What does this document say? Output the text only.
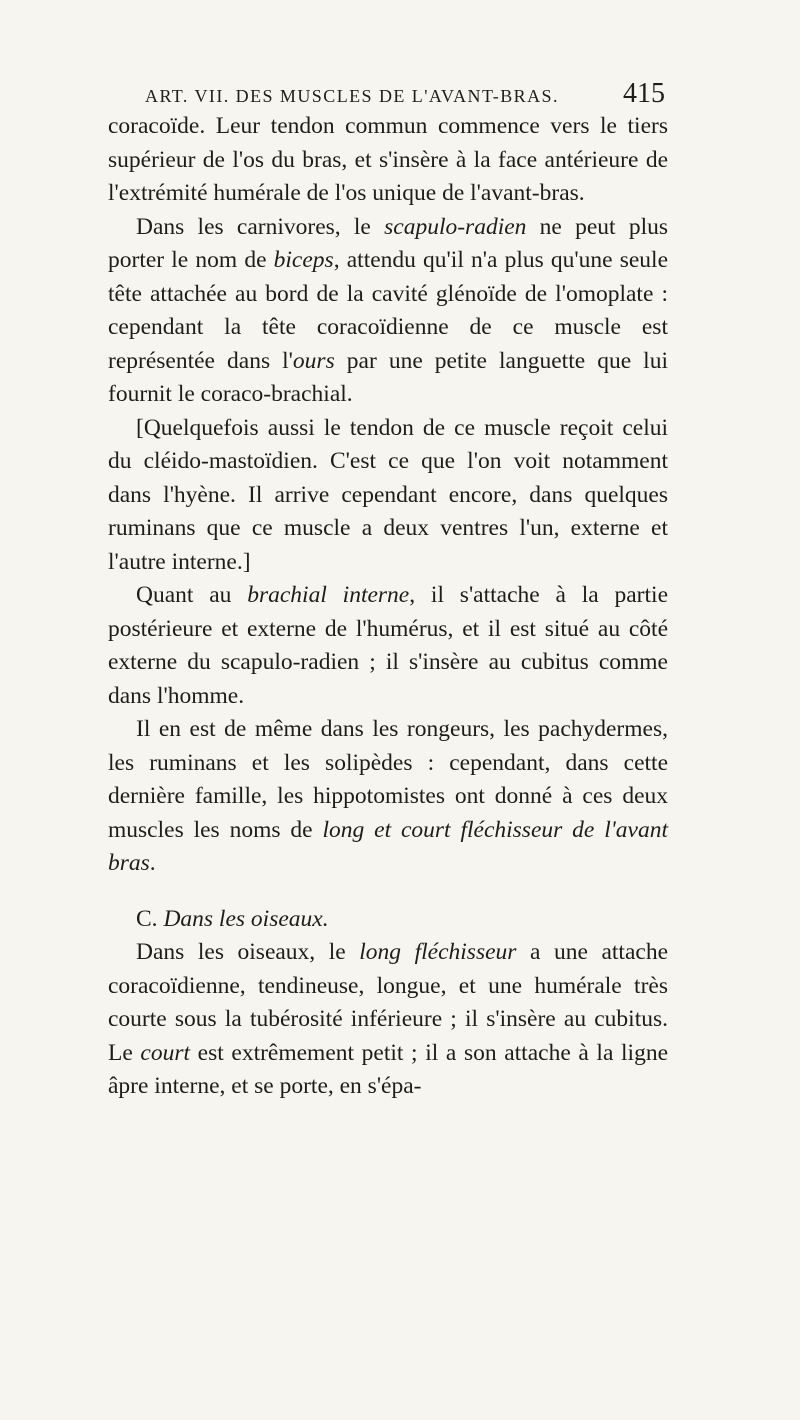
ART. VII. DES MUSCLES DE L'AVANT-BRAS. 415

coracoïde. Leur tendon commun commence vers le tiers supérieur de l'os du bras, et s'insère à la face antérieure de l'extrémité humérale de l'os unique de l'avant-bras.

Dans les carnivores, le scapulo-radien ne peut plus porter le nom de biceps, attendu qu'il n'a plus qu'une seule tête attachée au bord de la cavité glénoïde de l'omoplate : cependant la tête coracoïdienne de ce muscle est représentée dans l'ours par une petite languette que lui fournit le coraco-brachial.

[Quelquefois aussi le tendon de ce muscle reçoit celui du cléido-mastoïdien. C'est ce que l'on voit notamment dans l'hyène. Il arrive cependant encore, dans quelques ruminans que ce muscle a deux ventres l'un, externe et l'autre interne.]

Quant au brachial interne, il s'attache à la partie postérieure et externe de l'humérus, et il est situé au côté externe du scapulo-radien ; il s'insère au cubitus comme dans l'homme.

Il en est de même dans les rongeurs, les pachydermes, les ruminans et les solipèdes : cependant, dans cette dernière famille, les hippotomistes ont donné à ces deux muscles les noms de long et court fléchisseur de l'avant bras.

C. Dans les oiseaux.

Dans les oiseaux, le long fléchisseur a une attache coracoïdienne, tendineuse, longue, et une humérale très courte sous la tubérosité inférieure ; il s'insère au cubitus. Le court est extrêmement petit ; il a son attache à la ligne âpre interne, et se porte, en s'épa-
